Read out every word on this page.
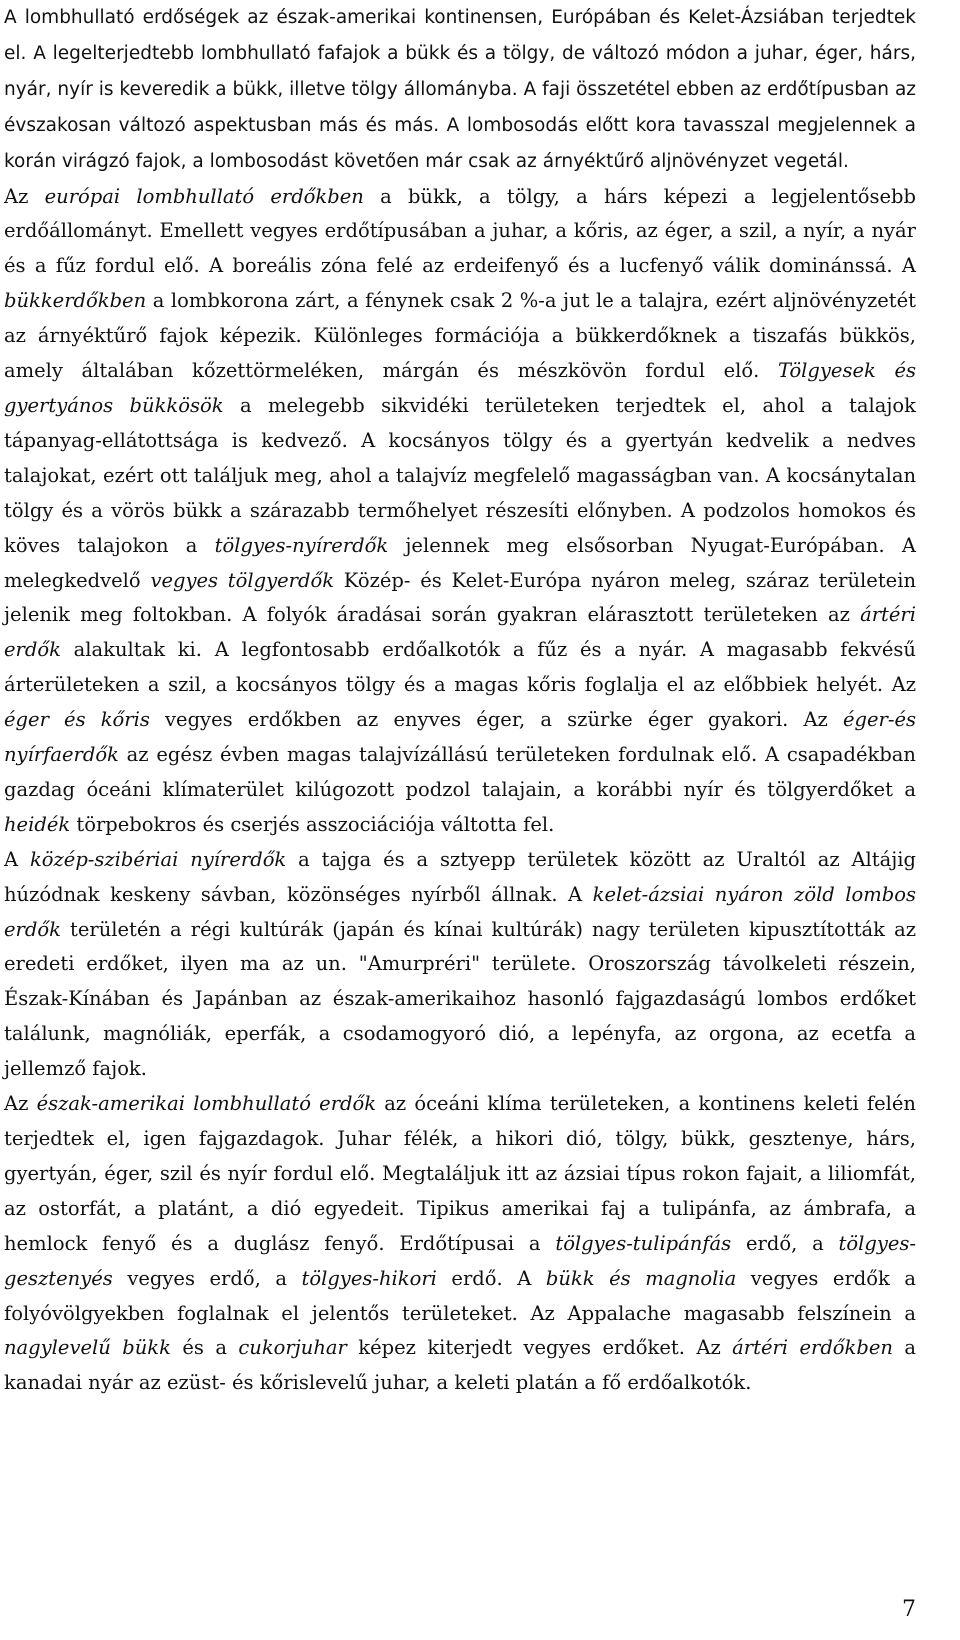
A lombhullató erdőségek az észak-amerikai kontinensen, Európában és Kelet-Ázsiában terjedtek el. A legelterjedtebb lombhullató fafajok a bükk és a tölgy, de változó módon a juhar, éger, hárs, nyár, nyír is keveredik a bükk, illetve tölgy állományba. A faji összetétel ebben az erdőtípusban az évszakosan változó aspektusban más és más. A lombosodás előtt kora tavasszal megjelennek a korán virágzó fajok, a lombosodást követően már csak az árnyéktűrő aljnövényzet vegetál.

Az európai lombhullató erdőkben a bükk, a tölgy, a hárs képezi a legjelentősebb erdőállományt. Emellett vegyes erdőtípusában a juhar, a kőris, az éger, a szil, a nyír, a nyár és a fűz fordul elő. A boreális zóna felé az erdeifenyő és a lucfenyő válik dominánssá. A bükkerdőkben a lombkorona zárt, a fénynek csak 2 %-a jut le a talajra, ezért aljnövényzetét az árnyéktűrő fajok képezik. Különleges formációja a bükkerdőknek a tiszafás bükkös, amely általában kőzettörmeléken, márgán és mészkövön fordul elő. Tölgyesek és gyertyános bükkösök a melegebb sikvidéki területeken terjedtek el, ahol a talajok tápanyag-ellátottsága is kedvező. A kocsányos tölgy és a gyertyán kedvelik a nedves talajokat, ezért ott találjuk meg, ahol a talajvíz megfelelő magasságban van. A kocsánytalan tölgy és a vörös bükk a szárazabb termőhelyet részesíti előnyben. A podzolos homokos és köves talajokon a tölgyes-nyírerdők jelennek meg elsősorban Nyugat-Európában. A melegkedvelő vegyes tölgyerdők Közép- és Kelet-Európa nyáron meleg, száraz területein jelenik meg foltokban. A folyók áradásai során gyakran elárasztott területeken az ártéri erdők alakultak ki. A legfontosabb erdőalkotók a fűz és a nyár. A magasabb fekvésű árterületeken a szil, a kocsányos tölgy és a magas kőris foglalja el az előbbiek helyét. Az éger és kőris vegyes erdőkben az enyves éger, a szürke éger gyakori. Az éger-és nyírfaerdők az egész évben magas talajvízállású területeken fordulnak elő. A csapadékban gazdag óceáni klímaterület kilúgozott podzol talajain, a korábbi nyír és tölgyerdőket a heidék törpebokros és cserjés asszociációja váltotta fel.

A közép-szibériai nyírerdők a tajga és a sztyepp területek között az Uraltól az Altájig húzódnak keskeny sávban, közönséges nyírből állnak. A kelet-ázsiai nyáron zöld lombos erdők területén a régi kultúrák (japán és kínai kultúrák) nagy területen kipusztították az eredeti erdőket, ilyen ma az un. "Amurpréri" területe. Oroszország távolkeleti részein, Észak-Kínában és Japánban az észak-amerikaihoz hasonló fajgazdaságú lombos erdőket találunk, magnóliák, eperfák, a csodamogyoró dió, a lepényfa, az orgona, az ecetfa a jellemző fajok.

Az észak-amerikai lombhullató erdők az óceáni klíma területeken, a kontinens keleti felén terjedtek el, igen fajgazdagok. Juhar félék, a hikori dió, tölgy, bükk, gesztenye, hárs, gyertyán, éger, szil és nyír fordul elő. Megtaláljuk itt az ázsiai típus rokon fajait, a liliomfát, az ostorfát, a platánt, a dió egyedeit. Tipikus amerikai faj a tulipánfa, az ámbrafa, a hemlock fenyő és a duglász fenyő. Erdőtípusai a tölgyes-tulipánfás erdő, a tölgyes-gesztenyés vegyes erdő, a tölgyes-hikori erdő. A bükk és magnolia vegyes erdők a folyóvölgyekben foglalnak el jelentős területeket. Az Appalache magasabb felszínein a nagylevelű bükk és a cukorjuhar képez kiterjedt vegyes erdőket. Az ártéri erdőkben a kanadai nyár az ezüst- és kőrislevelű juhar, a keleti platán a fő erdőalkotók.

7
